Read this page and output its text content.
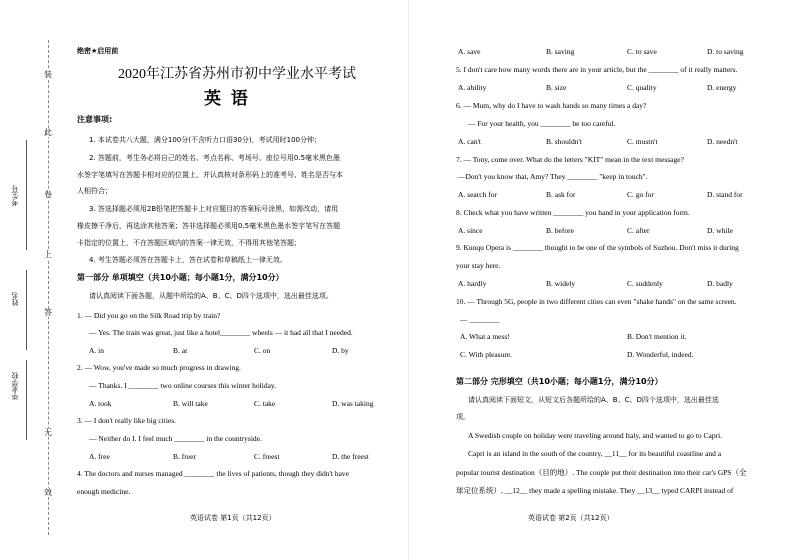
装
此
卷
上
答
无
效
考生号
姓名
毕业学校
绝密★启用前
2020年江苏省苏州市初中学业水平考试
英 语
注意事项:
1. 本试卷共八大题，满分100分(不含听力口语30分)，考试用时100分钟；
2. 答题前，考生务必将自己的姓名、考点名称、考场号、座位号用0.5毫米黑色墨
水签字笔填写在答题卡相对应的位置上，并认真核对条形码上的准考号、姓名是否与本
人相符合；
3. 答选择题必须用2B铅笔把答题卡上对应题目的答案标号涂黑，如需改动，请用
橡皮擦干净后，再选涂其他答案；答非选择题必须用0.5毫米黑色墨水签字笔写在答题
卡指定的位置上，不在答题区域内的答案一律无效，不得用其他笔答题；
4. 考生答题必须答在答题卡上，答在试卷和草稿纸上一律无效。
第一部分 单项填空（共10小题；每小题1分，满分10分）
请认真阅读下面各题，从题中所给的A、B、C、D四个选项中，选出最佳选项。
1. — Did you go on the Silk Road trip by train?
— Yes. The train was great, just like a hotel________ wheels — it had all that I needed.
A. in	B. at	C. on	D. by
2. — Wow, you've made so much progress in drawing.
— Thanks. I ________ two online courses this winter holiday.
A. took	B. will take	C. take	D. was taking
3. — I don't really like big cities.
— Neither do I. I feel much ________ in the countryside.
A. free	B. freer	C. freest	D. the freest
4. The doctors and nurses managed ________ the lives of patients, though they didn't have
enough medicine.
英语试卷 第1页（共12页）
A. save	B. saving	C. to save	D. to saving
5. I don't care how many words there are in your article, but the ________ of it really matters.
A. ability	B. size	C. quality	D. energy
6. — Mum, why do I have to wash hands so many times a day?
— For your health, you ________ be too careful.
A. can't	B. shouldn't	C. mustn't	D. needn't
7. — Tony, come over. What do the letters "KIT" mean in the text message?
—Don't you know that, Amy? They ________ "keep in touch".
A. search for	B. ask for	C. go for	D. stand for
8. Check what you have written ________ you hand in your application form.
A. since	B. before	C. after	D. while
9. Kunqu Opera is ________ thought to be one of the symbols of Suzhou. Don't miss it during
your stay here.
A. hardly	B. widely	C. suddenly	D. badly
10. — Through 5G, people in two different cities can even "shake hands" on the same screen.
— ________
A. What a mess!	B. Don't mention it.
C. With pleasure.	D. Wonderful, indeed.
第二部分 完形填空（共10小题；每小题1分，满分10分）
请认真阅读下面短文，从短文后各题所给的A、B、C、D四个选项中，选出最佳选
项。
A Swedish couple on holiday were traveling around Italy, and wanted to go to Capri.
Capri is an island in the south of the country, __11__ for its beautiful coastline and a
popular tourist destination（目的地）. The couple put their destination into their car's GPS（全
球定位系统）, __12__ they made a spelling mistake. They __13__ typed CARPI instead of
英语试卷 第2页（共12页）
